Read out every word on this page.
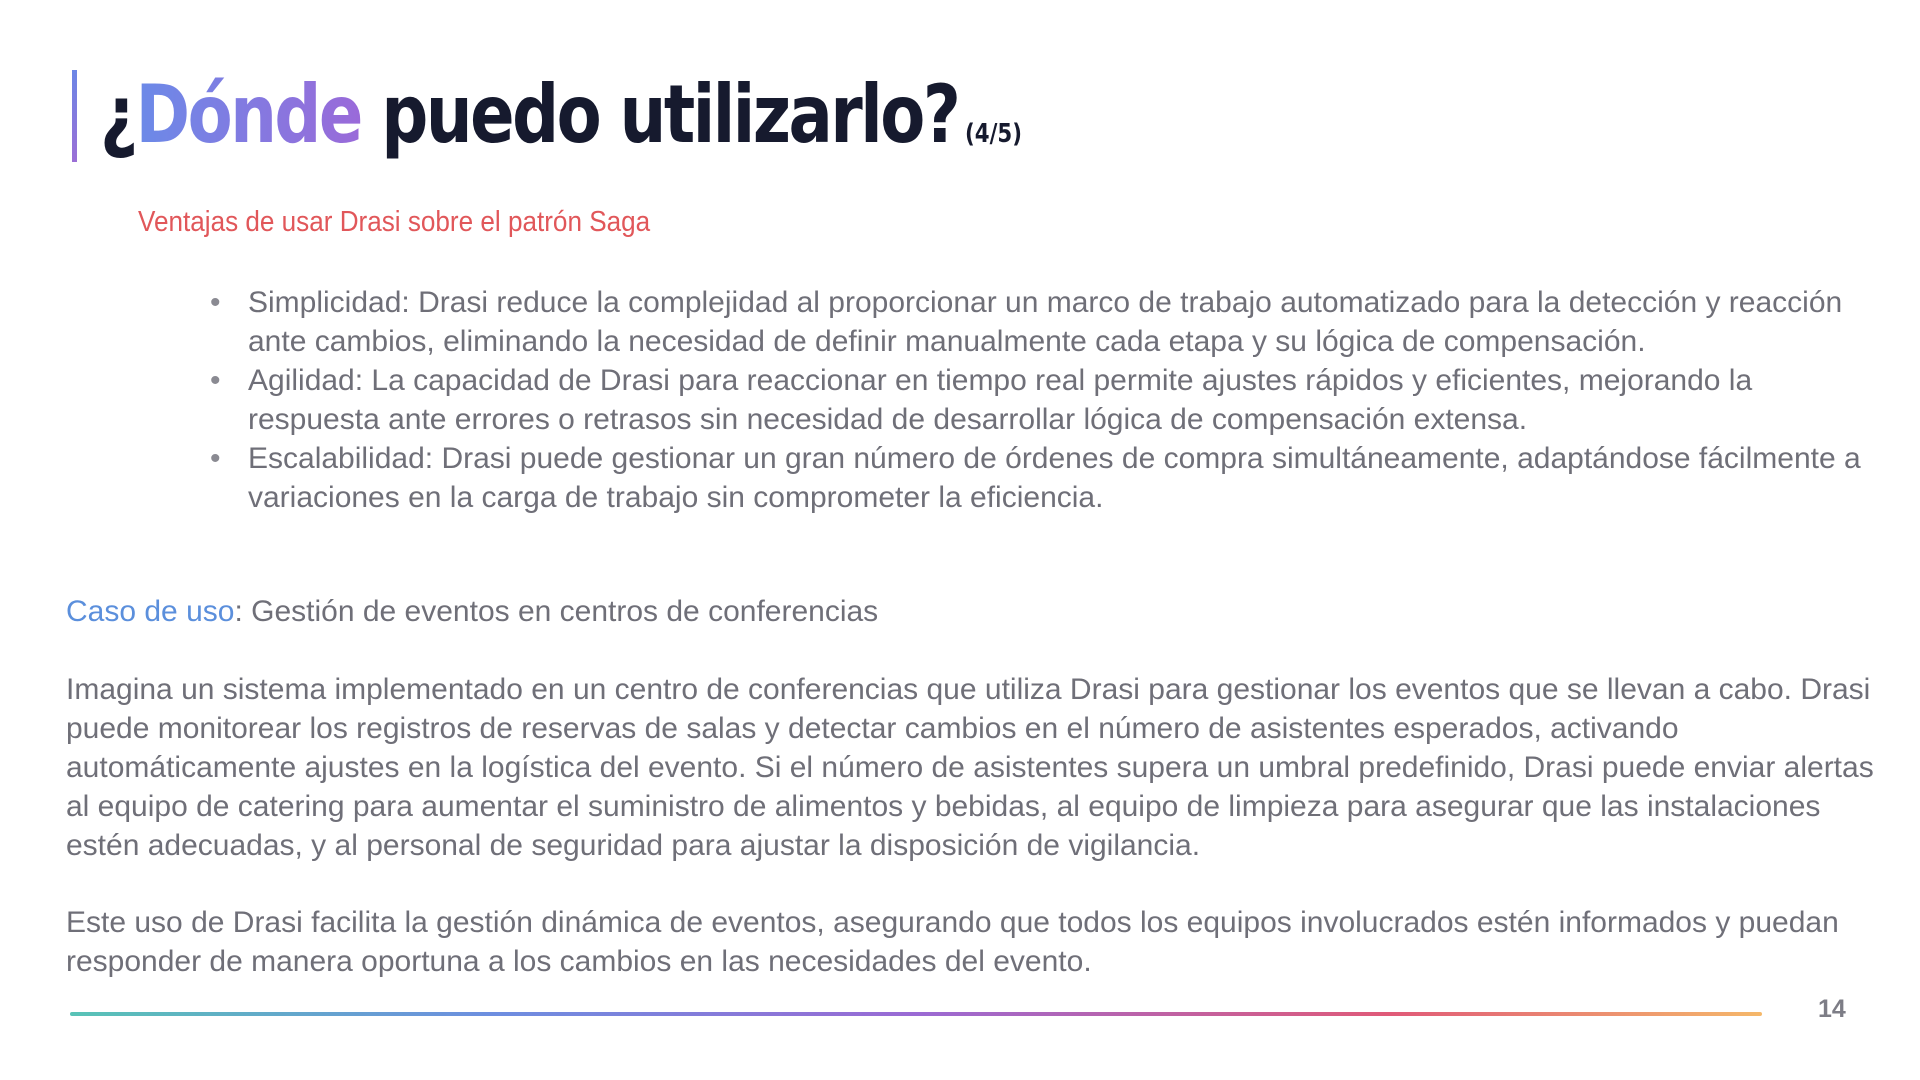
¿Dónde puedo utilizarlo? (4/5)
Ventajas de usar Drasi sobre el patrón Saga
• Simplicidad: Drasi reduce la complejidad al proporcionar un marco de trabajo automatizado para la detección y reacción ante cambios, eliminando la necesidad de definir manualmente cada etapa y su lógica de compensación.
• Agilidad: La capacidad de Drasi para reaccionar en tiempo real permite ajustes rápidos y eficientes, mejorando la respuesta ante errores o retrasos sin necesidad de desarrollar lógica de compensación extensa.
• Escalabilidad: Drasi puede gestionar un gran número de órdenes de compra simultáneamente, adaptándose fácilmente a variaciones en la carga de trabajo sin comprometer la eficiencia.

Caso de uso: Gestión de eventos en centros de conferencias

Imagina un sistema implementado en un centro de conferencias que utiliza Drasi para gestionar los eventos que se llevan a cabo. Drasi puede monitorear los registros de reservas de salas y detectar cambios en el número de asistentes esperados, activando automáticamente ajustes en la logística del evento. Si el número de asistentes supera un umbral predefinido, Drasi puede enviar alertas al equipo de catering para aumentar el suministro de alimentos y bebidas, al equipo de limpieza para asegurar que las instalaciones estén adecuadas, y al personal de seguridad para ajustar la disposición de vigilancia.

Este uso de Drasi facilita la gestión dinámica de eventos, asegurando que todos los equipos involucrados estén informados y puedan responder de manera oportuna a los cambios en las necesidades del evento.

14
